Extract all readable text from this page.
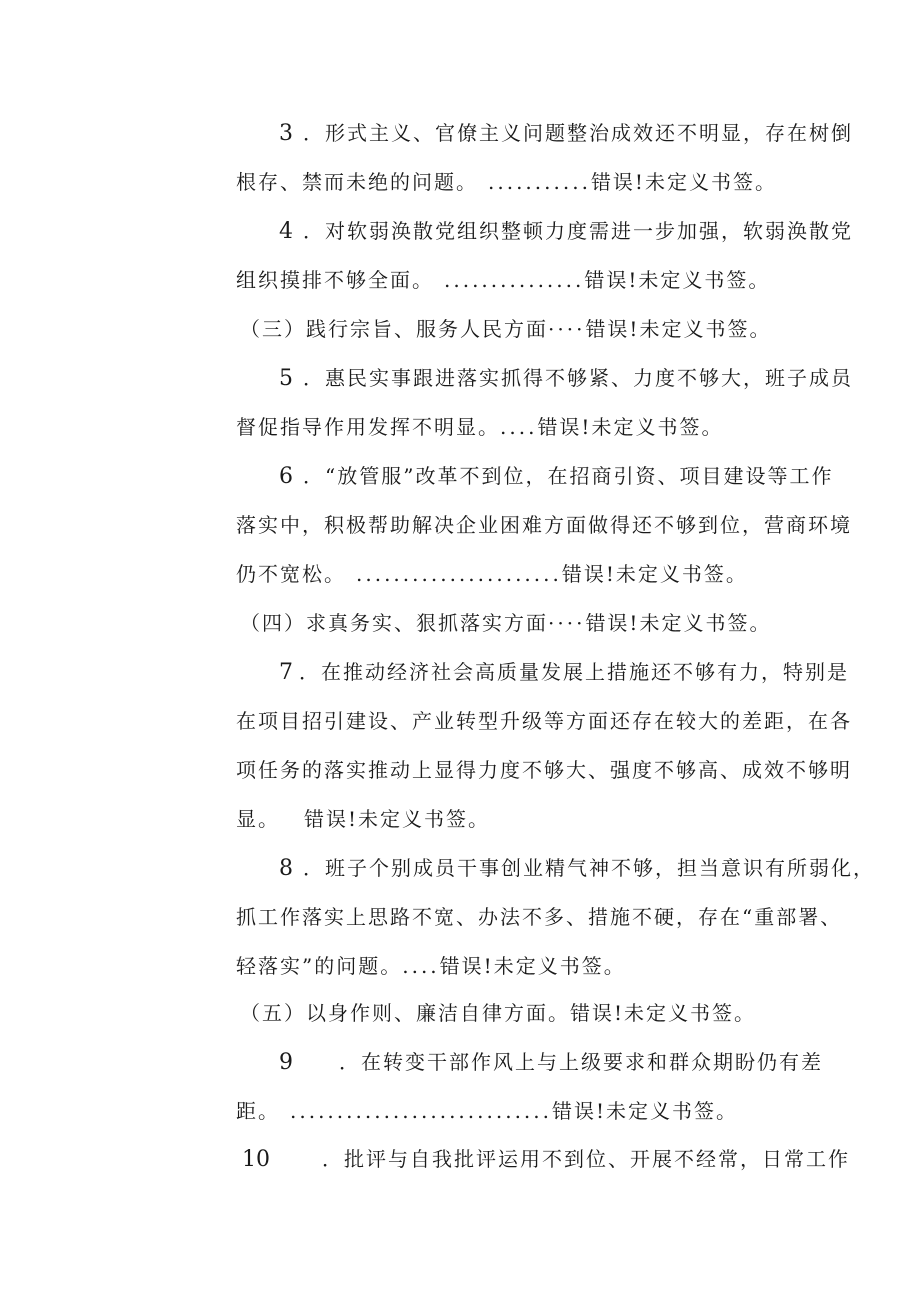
3 ．形式主义、官僚主义问题整治成效还不明显，存在树倒
根存、禁而未绝的问题。 ...........错误!未定义书签。
4 ．对软弱涣散党组织整顿力度需进一步加强，软弱涣散党
组织摸排不够全面。 ...............错误!未定义书签。
（三）践行宗旨、服务人民方面····错误!未定义书签。
5 ．惠民实事跟进落实抓得不够紧、力度不够大，班子成员
督促指导作用发挥不明显。....错误!未定义书签。
6 ．“放管服”改革不到位，在招商引资、项目建设等工作
落实中，积极帮助解决企业困难方面做得还不够到位，营商环境
仍不宽松。 ......................错误!未定义书签。
（四）求真务实、狠抓落实方面····错误!未定义书签。
7 ．在推动经济社会高质量发展上措施还不够有力，特别是
在项目招引建设、产业转型升级等方面还存在较大的差距，在各
项任务的落实推动上显得力度不够大、强度不够高、成效不够明
显。 错误!未定义书签。
8 ．班子个别成员干事创业精气神不够，担当意识有所弱化，
抓工作落实上思路不宽、办法不多、措施不硬，存在“重部署、
轻落实”的问题。....错误!未定义书签。
（五）以身作则、廉洁自律方面。错误!未定义书签。
9 ．在转变干部作风上与上级要求和群众期盼仍有差
距。 ............................错误!未定义书签。
10	．批评与自我批评运用不到位、开展不经常，日常工作
